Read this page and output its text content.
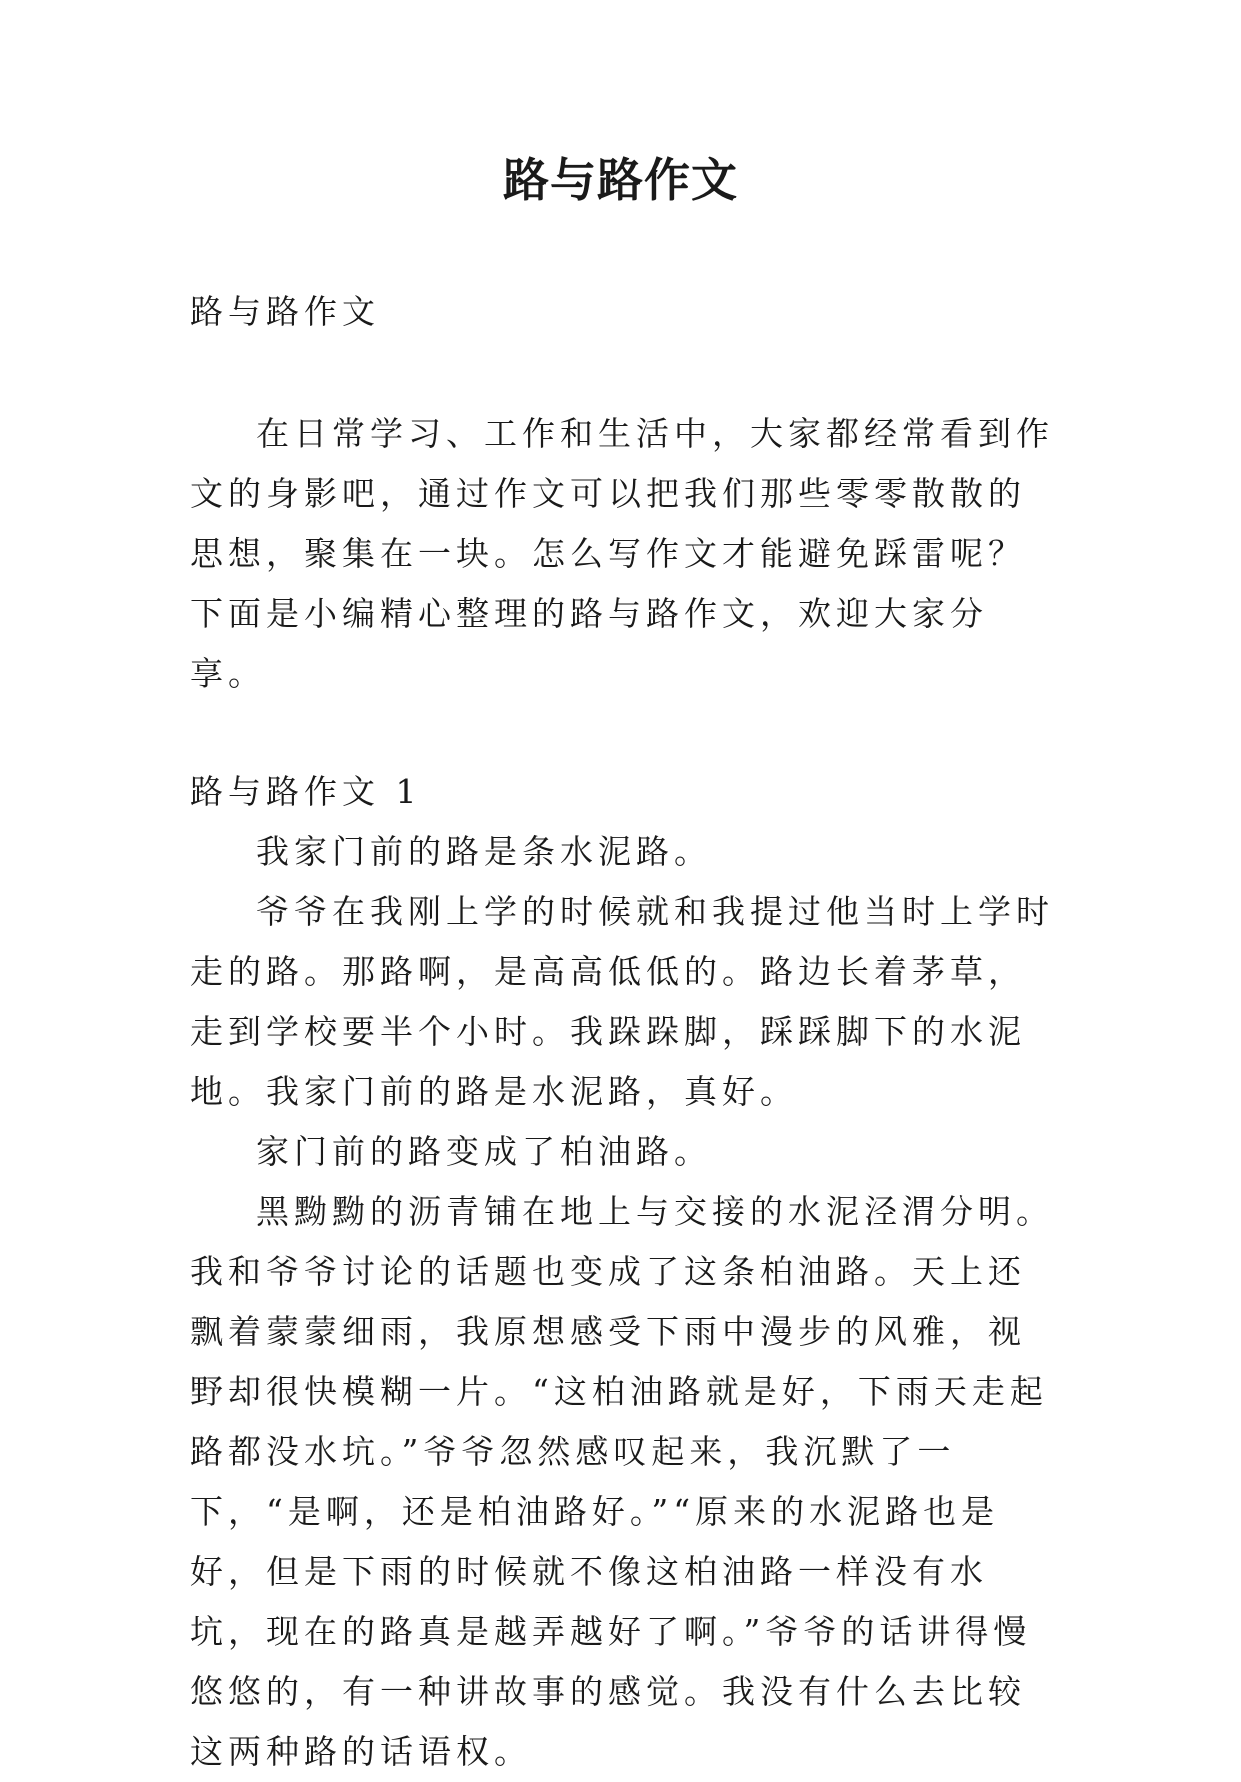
路与路作文

路与路作文

在日常学习、工作和生活中，大家都经常看到作文的身影吧，通过作文可以把我们那些零零散散的思想，聚集在一块。怎么写作文才能避免踩雷呢？下面是小编精心整理的路与路作文，欢迎大家分享。

路与路作文 1

我家门前的路是条水泥路。

爷爷在我刚上学的时候就和我提过他当时上学时走的路。那路啊，是高高低低的。路边长着茅草，走到学校要半个小时。我跺跺脚，踩踩脚下的水泥地。我家门前的路是水泥路，真好。

家门前的路变成了柏油路。

黑黝黝的沥青铺在地上与交接的水泥泾渭分明。我和爷爷讨论的话题也变成了这条柏油路。天上还飘着蒙蒙细雨，我原想感受下雨中漫步的风雅，视野却很快模糊一片。“这柏油路就是好，下雨天走起路都没水坑。”爷爷忽然感叹起来，我沉默了一下，“是啊，还是柏油路好。”“原来的水泥路也是好，但是下雨的时候就不像这柏油路一样没有水坑，现在的路真是越弄越好了啊。”爷爷的话讲得慢悠悠的，有一种讲故事的感觉。我没有什么去比较这两种路的话语权。
